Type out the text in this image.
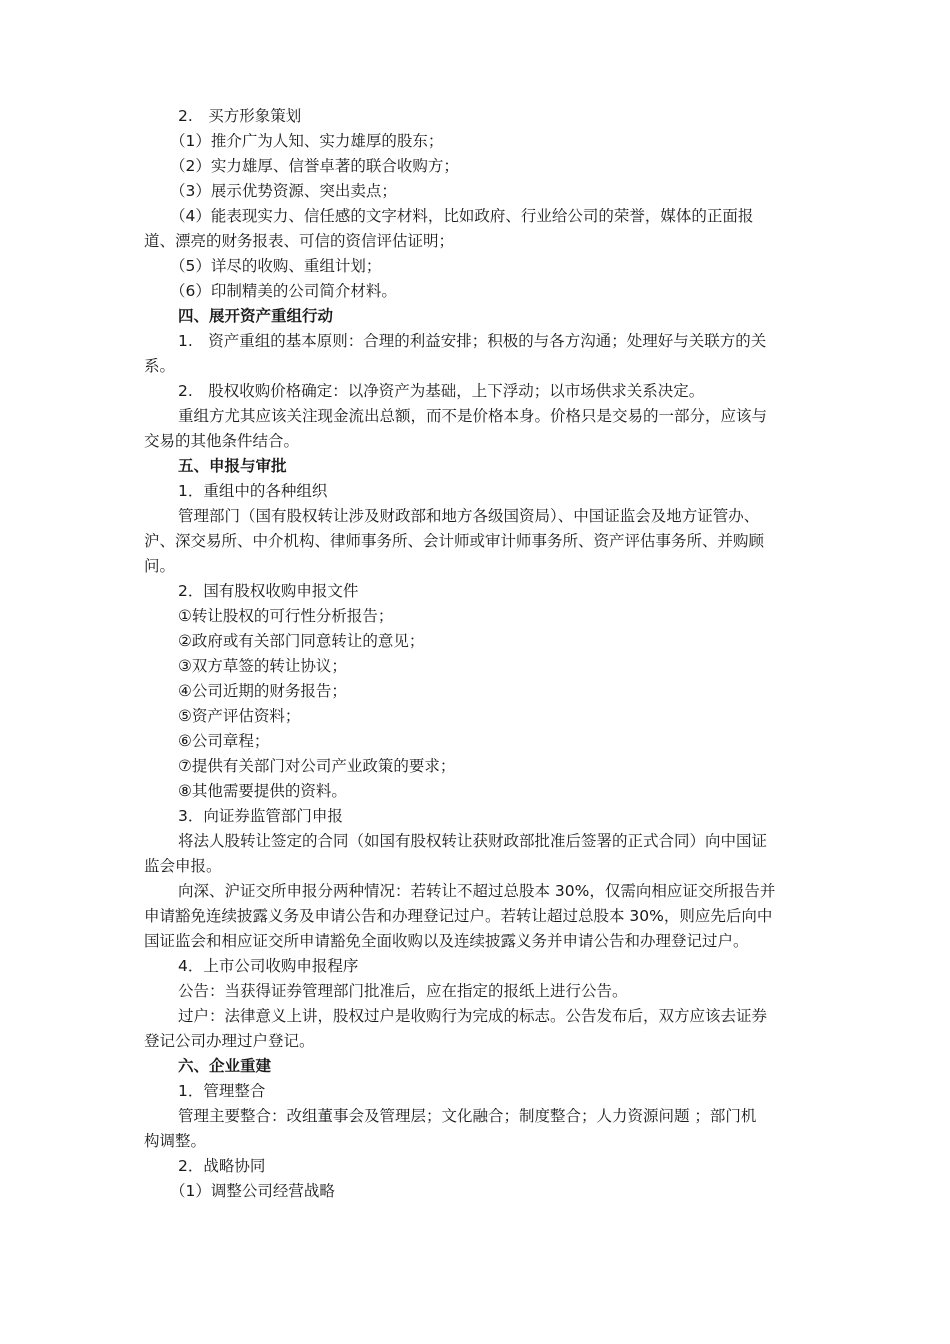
2.　买方形象策划
（1）推介广为人知、实力雄厚的股东；
（2）实力雄厚、信誉卓著的联合收购方；
（3）展示优势资源、突出卖点；
（4）能表现实力、信任感的文字材料，比如政府、行业给公司的荣誉，媒体的正面报
道、漂亮的财务报表、可信的资信评估证明；
（5）详尽的收购、重组计划；
（6）印制精美的公司简介材料。
四、展开资产重组行动
1.　资产重组的基本原则：合理的利益安排；积极的与各方沟通；处理好与关联方的关
系。
2.　股权收购价格确定：以净资产为基础，上下浮动；以市场供求关系决定。
重组方尤其应该关注现金流出总额，而不是价格本身。价格只是交易的一部分，应该与
交易的其他条件结合。
五、申报与审批
1．重组中的各种组织
管理部门（国有股权转让涉及财政部和地方各级国资局）、中国证监会及地方证管办、
沪、深交易所、中介机构、律师事务所、会计师或审计师事务所、资产评估事务所、并购顾
问。
2．国有股权收购申报文件
①转让股权的可行性分析报告；
②政府或有关部门同意转让的意见；
③双方草签的转让协议；
④公司近期的财务报告；
⑤资产评估资料；
⑥公司章程；
⑦提供有关部门对公司产业政策的要求；
⑧其他需要提供的资料。
3．向证券监管部门申报
将法人股转让签定的合同（如国有股权转让获财政部批准后签署的正式合同）向中国证
监会申报。
向深、沪证交所申报分两种情况：若转让不超过总股本 30%，仅需向相应证交所报告并
申请豁免连续披露义务及申请公告和办理登记过户。若转让超过总股本 30%，则应先后向中
国证监会和相应证交所申请豁免全面收购以及连续披露义务并申请公告和办理登记过户。
4．上市公司收购申报程序
公告：当获得证券管理部门批准后，应在指定的报纸上进行公告。
过户：法律意义上讲，股权过户是收购行为完成的标志。公告发布后，双方应该去证券
登记公司办理过户登记。
六、企业重建
1．管理整合
管理主要整合：改组董事会及管理层；文化融合；制度整合；人力资源问题 ；部门机
构调整。
2．战略协同
（1）调整公司经营战略
